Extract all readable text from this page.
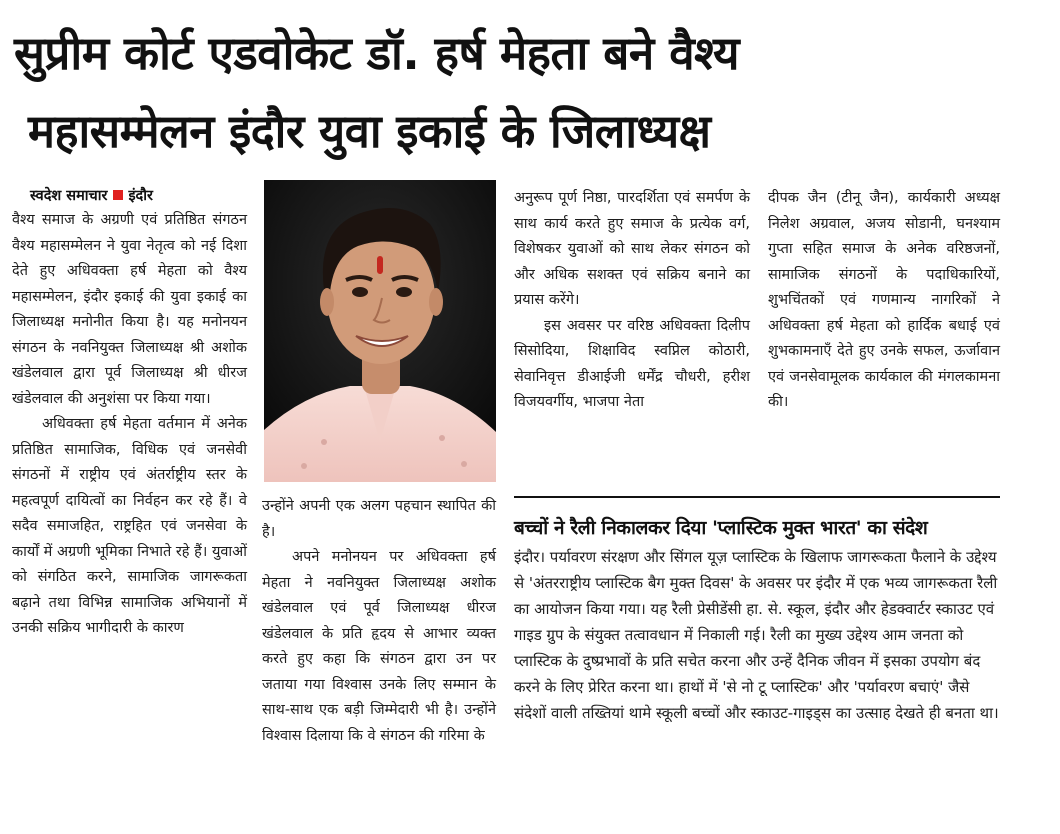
सुप्रीम कोर्ट एडवोकेट डॉ. हर्ष मेहता बने वैश्य
महासम्मेलन इंदौर युवा इकाई के जिलाध्यक्ष
स्वदेश समाचार इंदौर

वैश्य समाज के अग्रणी एवं प्रतिष्ठित संगठन वैश्य महासम्मेलन ने युवा नेतृत्व को नई दिशा देते हुए अधिवक्ता हर्ष मेहता को वैश्य महासम्मेलन, इंदौर इकाई की युवा इकाई का जिलाध्यक्ष मनोनीत किया है। यह मनोनयन संगठन के नवनियुक्त जिलाध्यक्ष श्री अशोक खंडेलवाल द्वारा पूर्व जिलाध्यक्ष श्री धीरज खंडेलवाल की अनुशंसा पर किया गया।

अधिवक्ता हर्ष मेहता वर्तमान में अनेक प्रतिष्ठित सामाजिक, विधिक एवं जनसेवी संगठनों में राष्ट्रीय एवं अंतर्राष्ट्रीय स्तर के महत्वपूर्ण दायित्वों का निर्वहन कर रहे हैं। वे सदैव समाजहित, राष्ट्रहित एवं जनसेवा के कार्यों में अग्रणी भूमिका निभाते रहे हैं। युवाओं को संगठित करने, सामाजिक जागरूकता बढ़ाने तथा विभिन्न सामाजिक अभियानों में उनकी सक्रिय भागीदारी के कारण

उन्होंने अपनी एक अलग पहचान स्थापित की है।

अपने मनोनयन पर अधिवक्ता हर्ष मेहता ने नवनियुक्त जिलाध्यक्ष अशोक खंडेलवाल एवं पूर्व जिलाध्यक्ष धीरज खंडेलवाल के प्रति हृदय से आभार व्यक्त करते हुए कहा कि संगठन द्वारा उन पर जताया गया विश्वास उनके लिए सम्मान के साथ-साथ एक बड़ी जिम्मेदारी भी है। उन्होंने विश्वास दिलाया कि वे संगठन की गरिमा के

अनुरूप पूर्ण निष्ठा, पारदर्शिता एवं समर्पण के साथ कार्य करते हुए समाज के प्रत्येक वर्ग, विशेषकर युवाओं को साथ लेकर संगठन को और अधिक सशक्त एवं सक्रिय बनाने का प्रयास करेंगे।

इस अवसर पर वरिष्ठ अधिवक्ता दिलीप सिसोदिया, शिक्षाविद स्वप्निल कोठारी, सेवानिवृत्त डीआईजी धर्मेंद्र चौधरी, हरीश विजयवर्गीय, भाजपा नेता

दीपक जैन (टीनू जैन), कार्यकारी अध्यक्ष निलेश अग्रवाल, अजय सोडानी, घनश्याम गुप्ता सहित समाज के अनेक वरिष्ठजनों, सामाजिक संगठनों के पदाधिकारियों, शुभचिंतकों एवं गणमान्य नागरिकों ने अधिवक्ता हर्ष मेहता को हार्दिक बधाई एवं शुभकामनाएँ देते हुए उनके सफल, ऊर्जावान एवं जनसेवामूलक कार्यकाल की मंगलकामना की।

बच्चों ने रैली निकालकर दिया 'प्लास्टिक मुक्त भारत' का संदेश

इंदौर। पर्यावरण संरक्षण और सिंगल यूज़ प्लास्टिक के खिलाफ जागरूकता फैलाने के उद्देश्य से 'अंतरराष्ट्रीय प्लास्टिक बैग मुक्त दिवस' के अवसर पर इंदौर में एक भव्य जागरूकता रैली का आयोजन किया गया। यह रैली प्रेसीडेंसी हा. से. स्कूल, इंदौर और हेडक्वार्टर स्काउट एवं गाइड ग्रुप के संयुक्त तत्वावधान में निकाली गई। रैली का मुख्य उद्देश्य आम जनता को प्लास्टिक के दुष्प्रभावों के प्रति सचेत करना और उन्हें दैनिक जीवन में इसका उपयोग बंद करने के लिए प्रेरित करना था। हाथों में 'से नो टू प्लास्टिक' और 'पर्यावरण बचाएं' जैसे संदेशों वाली तख्तियां थामे स्कूली बच्चों और स्काउट-गाइड्स का उत्साह देखते ही बनता था।
